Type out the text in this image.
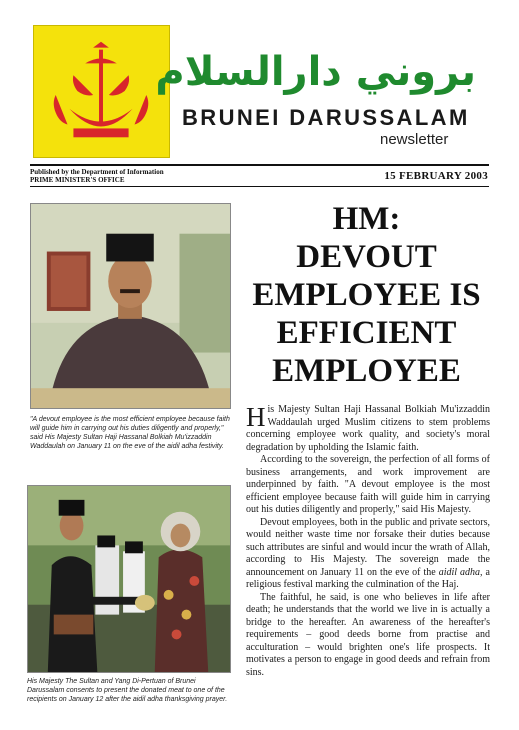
بروني دارالسلام
BRUNEI DARUSSALAM
newsletter
Published by the Department of Information
PRIME MINISTER'S OFFICE	15 FEBRUARY 2003
"A devout employee is the most efficient employee because faith will guide him in carrying out his duties diligently and properly," said His Majesty Sultan Haji Hassanal Bolkiah Mu'izzaddin Waddaulah on January 11 on the eve of the aidil adha festivity.
His Majesty The Sultan and Yang Di-Pertuan of Brunei Darussalam consents to present the donated meat to one of the recipients on January 12 after the aidil adha thanksgiving prayer.
HM:
DEVOUT
EMPLOYEE IS
EFFICIENT
EMPLOYEE

His Majesty Sultan Haji Hassanal Bolkiah Mu'izzaddin Waddaulah urged Muslim citizens to stem problems concerning employee work quality, and society's moral degradation by upholding the Islamic faith.

According to the sovereign, the perfection of all forms of business arrangements, and work improvement are underpinned by faith. "A devout employee is the most efficient employee because faith will guide him in carrying out his duties diligently and properly," said His Majesty.

Devout employees, both in the public and private sectors, would neither waste time nor forsake their duties because such attributes are sinful and would incur the wrath of Allah, according to His Majesty. The sovereign made the announcement on January 11 on the eve of the aidil adha, a religious festival marking the culmination of the Haj.

The faithful, he said, is one who believes in life after death; he understands that the world we live in is actually a bridge to the hereafter. An awareness of the hereafter's requirements – good deeds borne from practise and acculturation – would brighten one's life prospects. It motivates a person to engage in good deeds and refrain from sins.
